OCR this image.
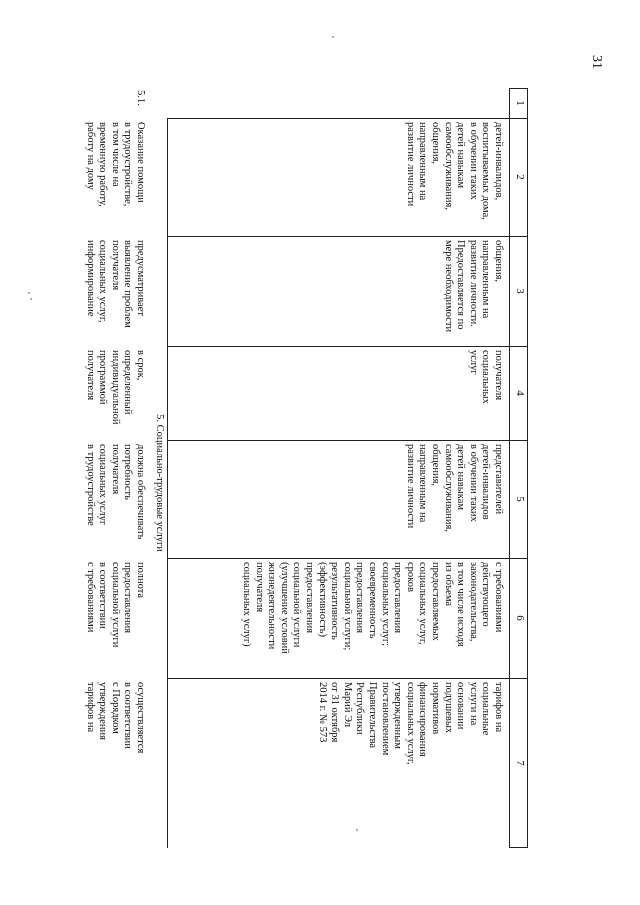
31
1
2
3
4
5
6
7
детей-инвалидов,
воспитываемых дома,
в обучении таких
детей навыкам
самообслуживания,
общения,
направленным на
развитие личности
общения,
направленным на
развитие личности.
Предоставляется по
мере необходимости
получателя
социальных
услуг
представителей
детей-инвалидов
в обучении таких
детей навыкам
самообслуживания,
общения,
направленным на
развитие личности
с требованиями
действующего
законодательства,
в том числе исходя
из объема
предоставляемых
социальных услуг,
сроков
предоставления
социальных услуг;
своевременность
предоставления
социальной услуги;
результативность
(эффективность)
предоставления
социальной услуги
(улучшение условий
жизнедеятельности
получателя
социальных услуг)
тарифов на
социальные
услуги на
основании
подушевых
нормативов
финансирования
социальных услуг,
утвержденным
постановлением
Правительства
Республики
Марий Эл
от 31 октября
2014 г. № 573
5. Социально-трудовые услуги
5.1.
Оказание помощи
в трудоустройстве,
в том числе на
временную работу,
работу на дому
предусматривает
выявление проблем
получателя
социальных услуг,
информирование
в срок,
определенный
индивидуальной
программой
получателя
должна обеспечивать
потребность
получателя
социальных услуг
в трудоустройстве
полнота
предоставления
социальной услуги
в соответствии
с требованиями
осуществляется
в соответствии
с Порядком
утверждения
тарифов на
